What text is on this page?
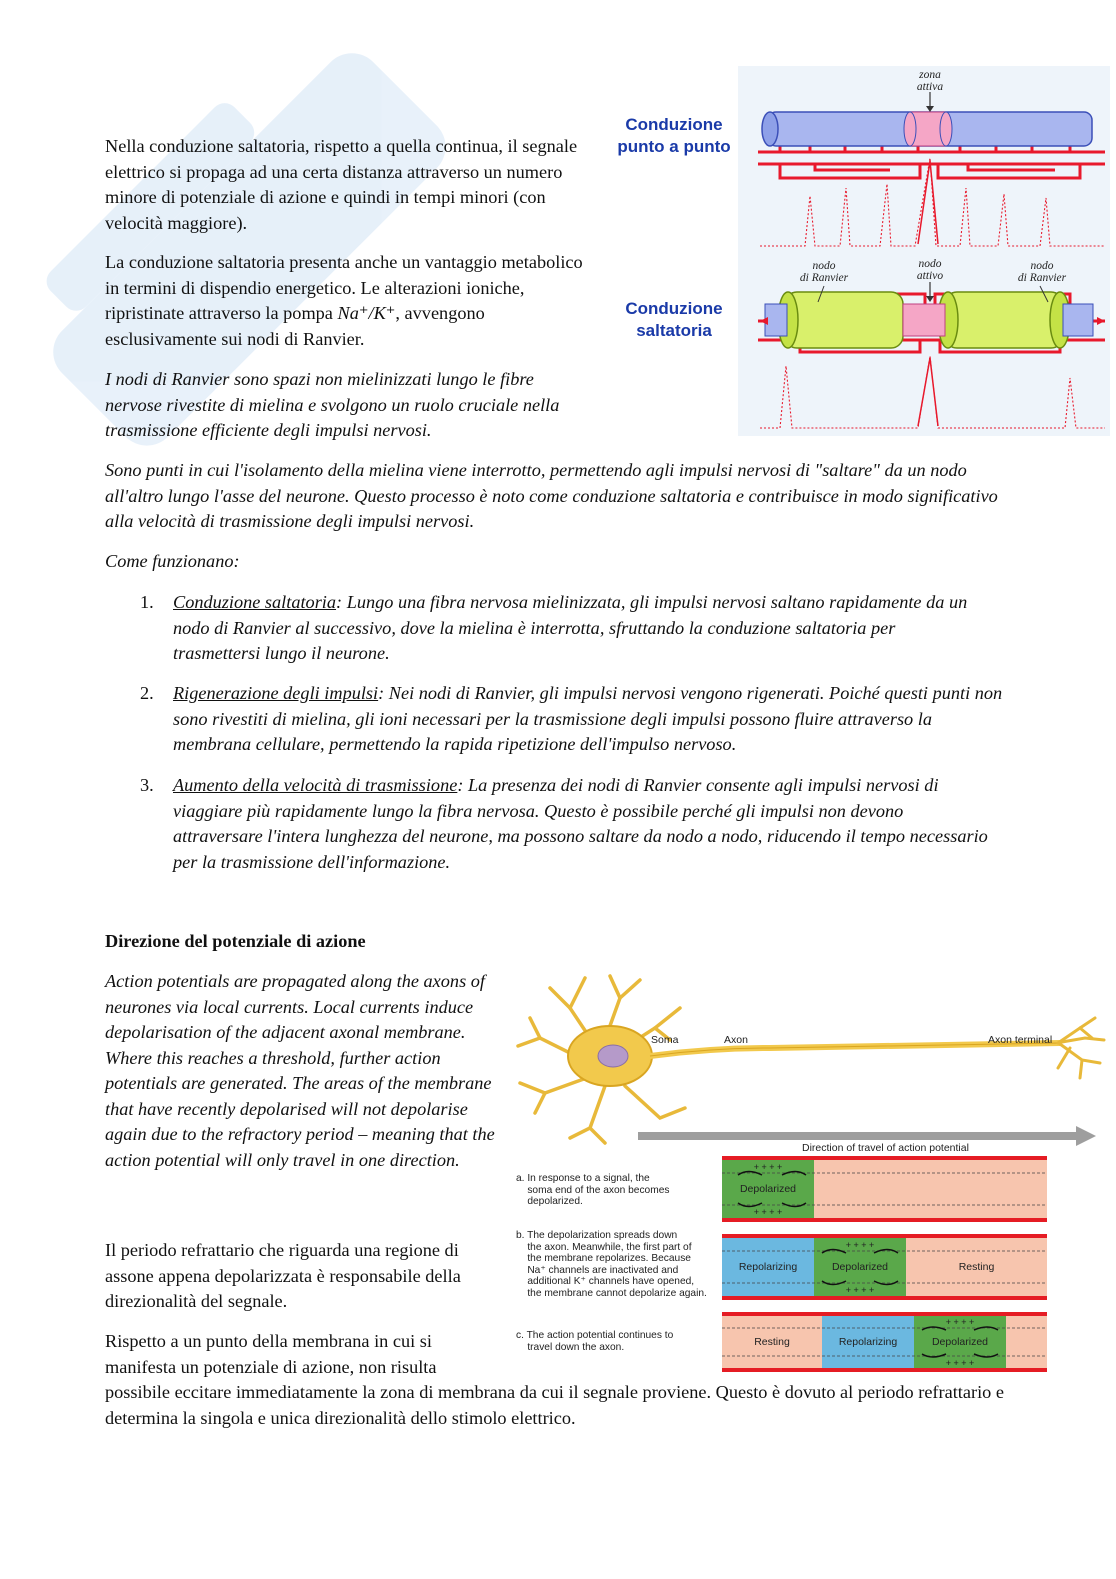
Nella conduzione saltatoria, rispetto a quella continua, il segnale elettrico si propaga ad una certa distanza attraverso un numero minore di potenziale di azione e quindi in tempi minori (con velocità maggiore).

La conduzione saltatoria presenta anche un vantaggio metabolico in termini di dispendio energetico. Le alterazioni ioniche, ripristinate attraverso la pompa Na⁺/K⁺, avvengono esclusivamente sui nodi di Ranvier.

I nodi di Ranvier sono spazi non mielinizzati lungo le fibre nervose rivestite di mielina e svolgono un ruolo cruciale nella trasmissione efficiente degli impulsi nervosi.

Sono punti in cui l'isolamento della mielina viene interrotto, permettendo agli impulsi nervosi di "saltare" da un nodo all'altro lungo l'asse del neurone. Questo processo è noto come conduzione saltatoria e contribuisce in modo significativo alla velocità di trasmissione degli impulsi nervosi.

Come funzionano:

1. Conduzione saltatoria: Lungo una fibra nervosa mielinizzata, gli impulsi nervosi saltano rapidamente da un nodo di Ranvier al successivo, dove la mielina è interrotta, sfruttando la conduzione saltatoria per trasmettersi lungo il neurone.

2. Rigenerazione degli impulsi: Nei nodi di Ranvier, gli impulsi nervosi vengono rigenerati. Poiché questi punti non sono rivestiti di mielina, gli ioni necessari per la trasmissione degli impulsi possono fluire attraverso la membrana cellulare, permettendo la rapida ripetizione dell'impulso nervoso.

3. Aumento della velocità di trasmissione: La presenza dei nodi di Ranvier consente agli impulsi nervosi di viaggiare più rapidamente lungo la fibra nervosa. Questo è possibile perché gli impulsi non devono attraversare l'intera lunghezza del neurone, ma possono saltare da nodo a nodo, riducendo il tempo necessario per la trasmissione dell'informazione.

Direzione del potenziale di azione

Action potentials are propagated along the axons of neurones via local currents. Local currents induce depolarisation of the adjacent axonal membrane. Where this reaches a threshold, further action potentials are generated. The areas of the membrane that have recently depolarised will not depolarise again due to the refractory period – meaning that the action potential will only travel in one direction.

Il periodo refrattario che riguarda una regione di assone appena depolarizzata è responsabile della direzionalità del segnale.

Rispetto a un punto della membrana in cui si manifesta un potenziale di azione, non risulta

possibile eccitare immediatamente la zona di membrana da cui il segnale proviene. Questo è dovuto al periodo refrattario e determina la singola e unica direzionalità dello stimolo elettrico.

Conduzione
punto a punto
Conduzione
saltatoria
zona
attiva
nodo
di Ranvier
nodo
attivo
nodo
di Ranvier
Soma	Axon	Axon terminal
Direction of travel of action potential
a. In response to a signal, the
soma end of the axon becomes
depolarized.
b. The depolarization spreads down
the axon. Meanwhile, the first part of
the membrane repolarizes. Because
Na⁺ channels are inactivated and
additional K⁺ channels have opened,
the membrane cannot depolarize again.
c. The action potential continues to
travel down the axon.
+ + + +
Depolarized
+ + + +
Repolarizing
+ + + +
Depolarized
+ + + +
Resting
Resting	Repolarizing
+ + + +
Depolarized
+ + + +
